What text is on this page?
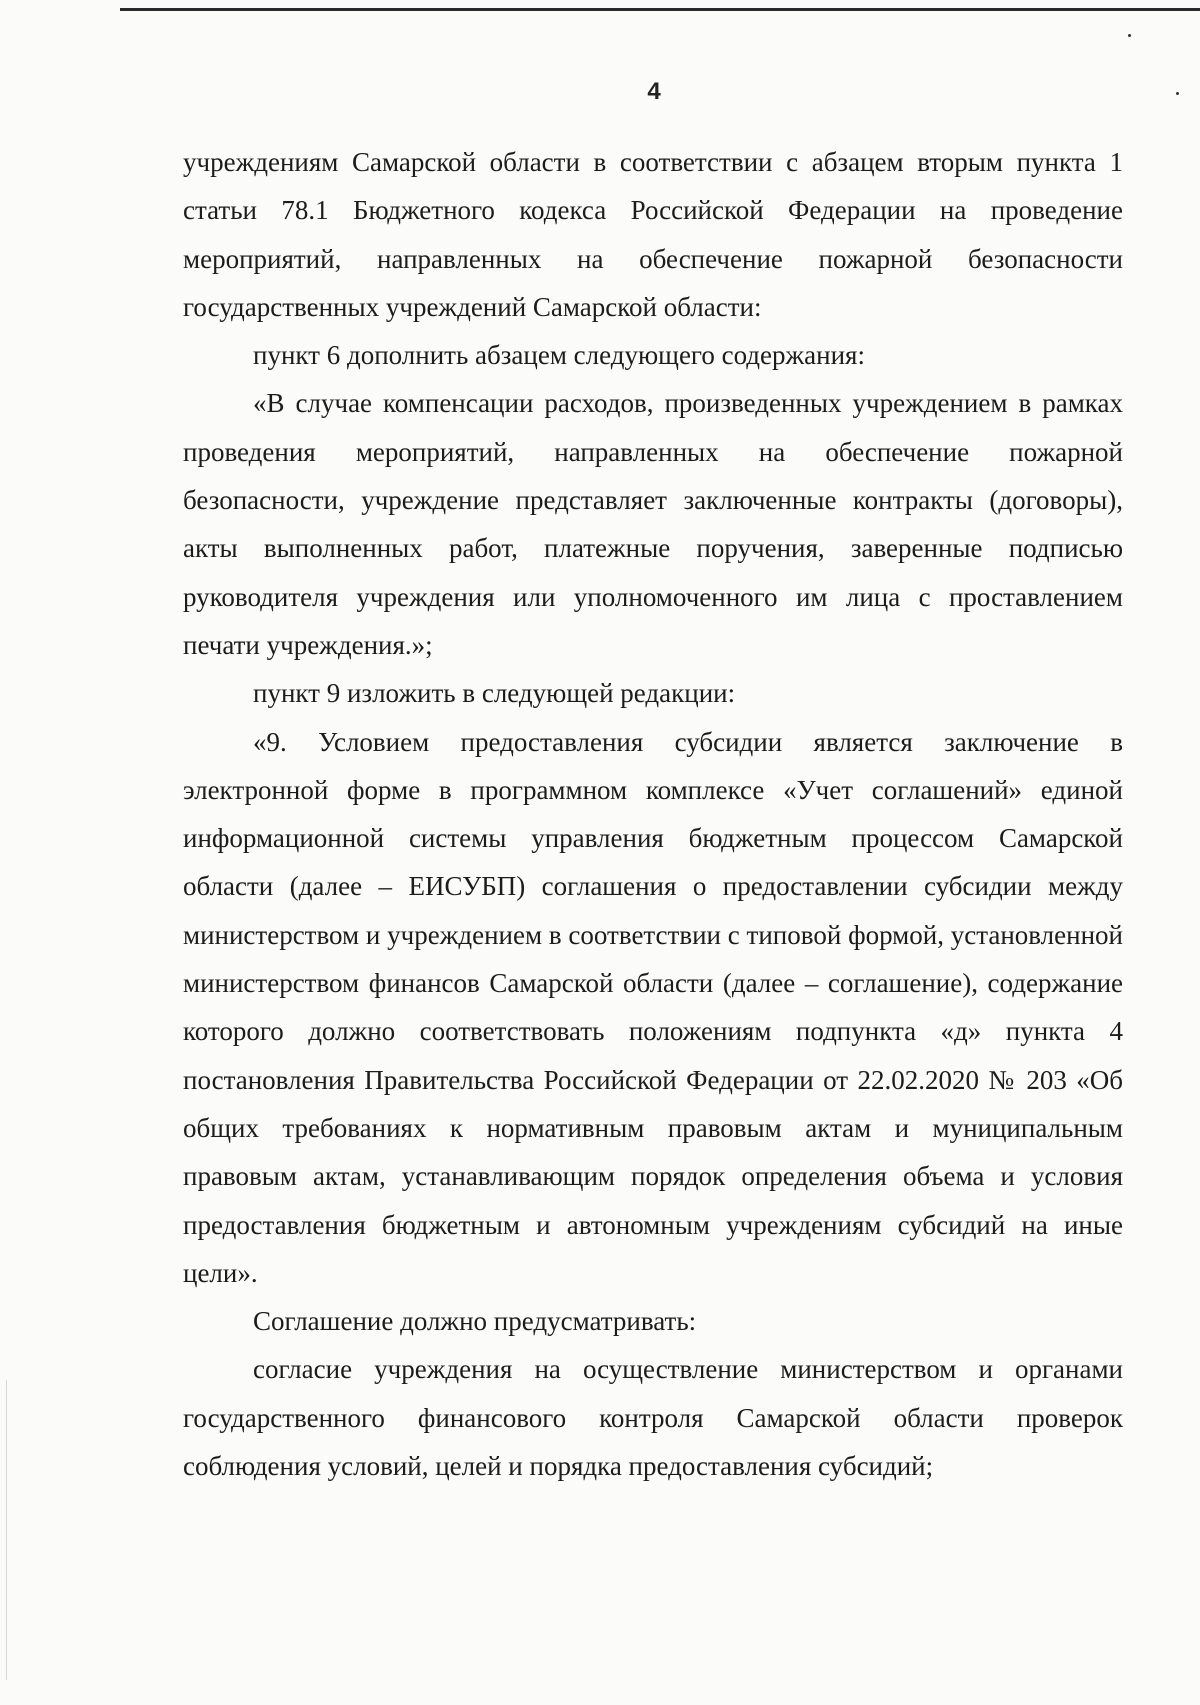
4

учреждениям Самарской области в соответствии с абзацем вторым пункта 1 статьи 78.1 Бюджетного кодекса Российской Федерации на проведение мероприятий, направленных на обеспечение пожарной безопасности государственных учреждений Самарской области:

пункт 6 дополнить абзацем следующего содержания:

«В случае компенсации расходов, произведенных учреждением в рамках проведения мероприятий, направленных на обеспечение пожарной безопасности, учреждение представляет заключенные контракты (договоры), акты выполненных работ, платежные поручения, заверенные подписью руководителя учреждения или уполномоченного им лица с проставлением печати учреждения.»;

пункт 9 изложить в следующей редакции:

«9. Условием предоставления субсидии является заключение в электронной форме в программном комплексе «Учет соглашений» единой информационной системы управления бюджетным процессом Самарской области (далее – ЕИСУБП) соглашения о предоставлении субсидии между министерством и учреждением в соответствии с типовой формой, установленной министерством финансов Самарской области (далее – соглашение), содержание которого должно соответствовать положениям подпункта «д» пункта 4 постановления Правительства Российской Федерации от 22.02.2020 № 203 «Об общих требованиях к нормативным правовым актам и муниципальным правовым актам, устанавливающим порядок определения объема и условия предоставления бюджетным и автономным учреждениям субсидий на иные цели».

Соглашение должно предусматривать:

согласие учреждения на осуществление министерством и органами государственного финансового контроля Самарской области проверок соблюдения условий, целей и порядка предоставления субсидий;
